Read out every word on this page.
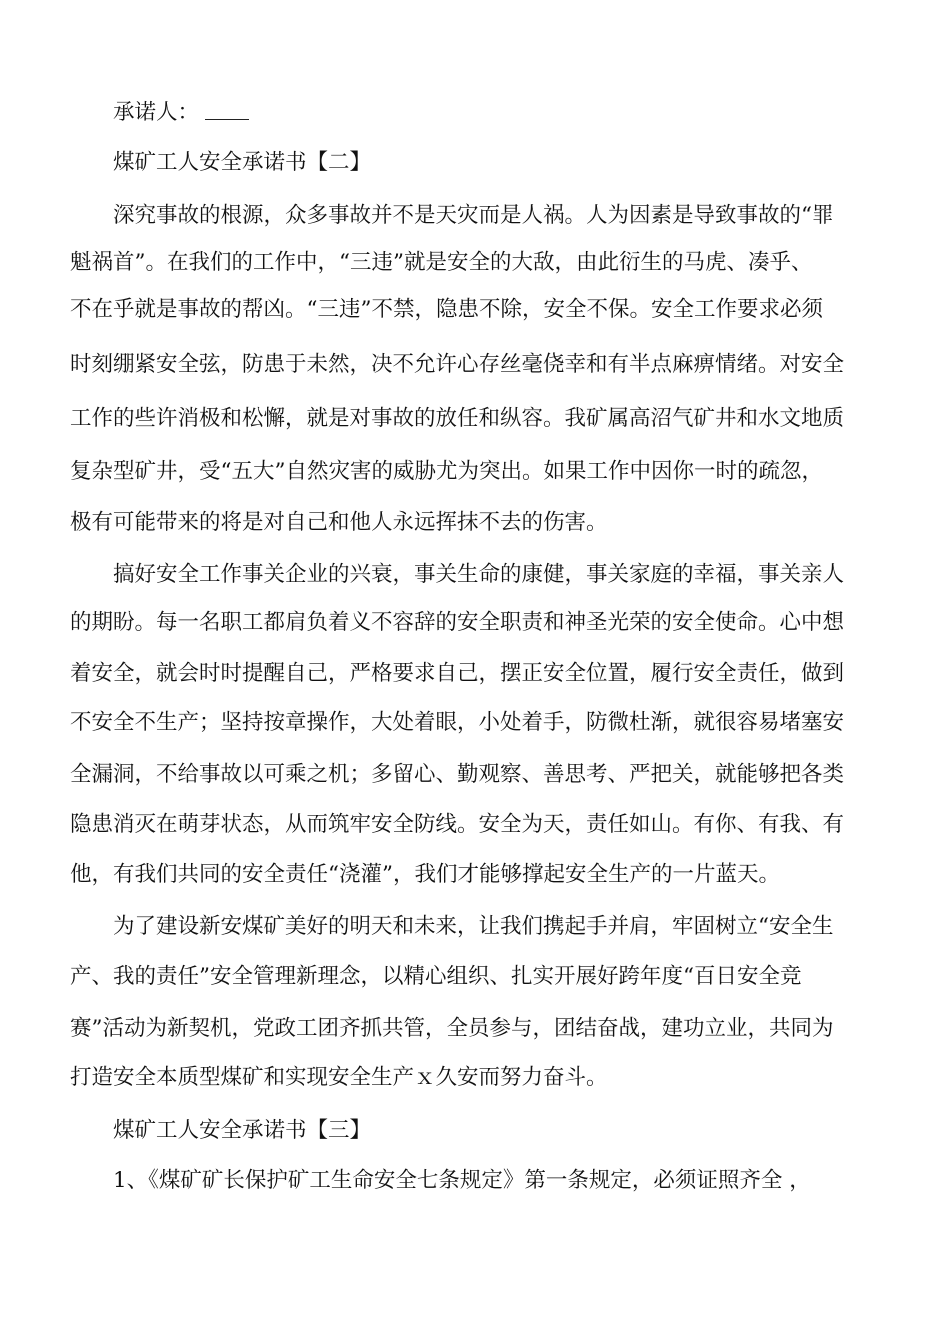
承诺人：
煤矿工人安全承诺书【二】
深究事故的根源，众多事故并不是天灾而是人祸。人为因素是导致事故的“罪
魁祸首”。在我们的工作中，“三违”就是安全的大敌，由此衍生的马虎、凑乎、
不在乎就是事故的帮凶。“三违”不禁，隐患不除，安全不保。安全工作要求必须
时刻绷紧安全弦，防患于未然，决不允许心存丝毫侥幸和有半点麻痹情绪。对安全
工作的些许消极和松懈，就是对事故的放任和纵容。我矿属高沼气矿井和水文地质
复杂型矿井，受“五大”自然灾害的威胁尤为突出。如果工作中因你一时的疏忽，
极有可能带来的将是对自己和他人永远挥抹不去的伤害。
搞好安全工作事关企业的兴衰，事关生命的康健，事关家庭的幸福，事关亲人
的期盼。每一名职工都肩负着义不容辞的安全职责和神圣光荣的安全使命。心中想
着安全，就会时时提醒自己，严格要求自己，摆正安全位置，履行安全责任，做到
不安全不生产；坚持按章操作，大处着眼，小处着手，防微杜渐，就很容易堵塞安
全漏洞，不给事故以可乘之机；多留心、勤观察、善思考、严把关，就能够把各类
隐患消灭在萌芽状态，从而筑牢安全防线。安全为天，责任如山。有你、有我、有
他，有我们共同的安全责任“浇灌”，我们才能够撑起安全生产的一片蓝天。
为了建设新安煤矿美好的明天和未来，让我们携起手并肩，牢固树立“安全生
产、我的责任”安全管理新理念，以精心组织、扎实开展好跨年度“百日安全竞
赛”活动为新契机，党政工团齐抓共管，全员参与，团结奋战，建功立业，共同为
打造安全本质型煤矿和实现安全生产ｘ久安而努力奋斗。
煤矿工人安全承诺书【三】
1、《煤矿矿长保护矿工生命安全七条规定》第一条规定，必须证照齐全 ，
